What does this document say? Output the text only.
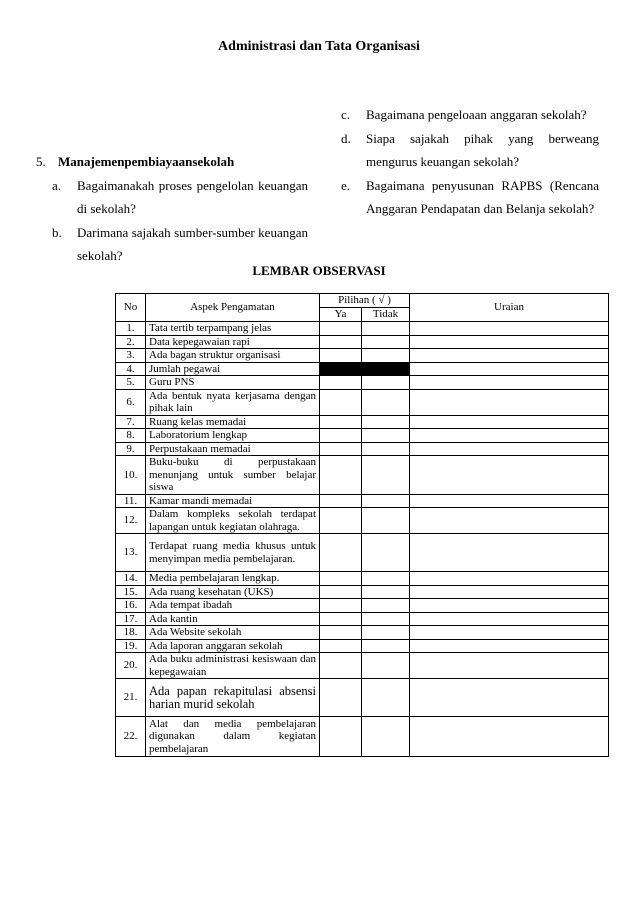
Administrasi dan Tata Organisasi
5. Manajemenpembiayaansekolah
a.	Bagaimanakah proses pengelolan keuangan
di sekolah?
b.	Darimana sajakah sumber-sumber keuangan
sekolah?
c.	Bagaimana pengeloaan anggaran sekolah?
d.	Siapa sajakah pihak yang berweang
mengurus keuangan sekolah?
e.	Bagaimana penyusunan RAPBS (Rencana
Anggaran Pendapatan dan Belanja sekolah?
LEMBAR OBSERVASI
No	Aspek Pengamatan	Pilihan ( √ )		Uraian
		Ya	Tidak	
1.	Tata tertib terpampang jelas			
2.	Data kepegawaian rapi			
3.	Ada bagan struktur organisasi			
4.	Jumlah pegawai			
5.	Guru PNS			
6.	Ada bentuk nyata kerjasama dengan pihak lain			
7.	Ruang kelas memadai			
8.	Laboratorium lengkap			
9.	Perpustakaan memadai			
10.	Buku-buku di perpustakaan menunjang untuk sumber belajar siswa			
11.	Kamar mandi memadai			
12.	Dalam kompleks sekolah terdapat lapangan untuk kegiatan olahraga.			
13.	Terdapat ruang media khusus untuk menyimpan media pembelajaran.			
14.	Media pembelajaran lengkap.			
15.	Ada ruang kesehatan (UKS)			
16.	Ada tempat ibadah			
17.	Ada kantin			
18.	Ada Website sekolah			
19.	Ada laporan anggaran sekolah			
20.	Ada buku administrasi kesiswaan dan kepegawaian			
21.	Ada papan rekapitulasi absensi harian murid sekolah			
22.	Alat dan media pembelajaran digunakan dalam kegiatan pembelajaran			
